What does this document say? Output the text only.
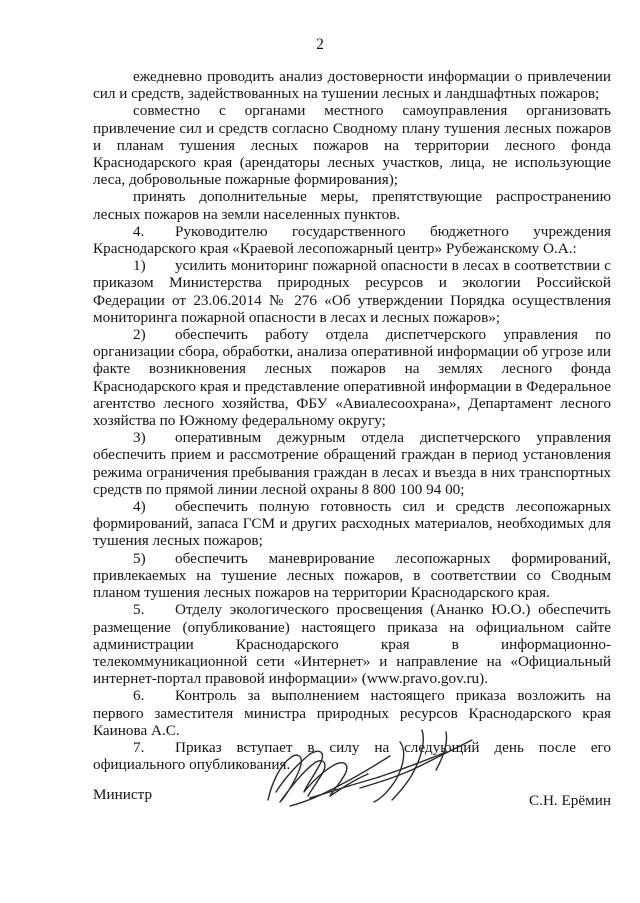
2

ежедневно проводить анализ достоверности информации о привлечении сил и средств, задействованных на тушении лесных и ландшафтных пожаров;

совместно с органами местного самоуправления организовать привлечение сил и средств согласно Сводному плану тушения лесных пожаров и планам тушения лесных пожаров на территории лесного фонда Краснодарского края (арендаторы лесных участков, лица, не использующие леса, добровольные пожарные формирования);

принять дополнительные меры, препятствующие распространению лесных пожаров на земли населенных пунктов.

4. Руководителю государственного бюджетного учреждения Краснодарского края «Краевой лесопожарный центр» Рубежанскому О.А.:

1) усилить мониторинг пожарной опасности в лесах в соответствии с приказом Министерства природных ресурсов и экологии Российской Федерации от 23.06.2014 № 276 «Об утверждении Порядка осуществления мониторинга пожарной опасности в лесах и лесных пожаров»;

2) обеспечить работу отдела диспетчерского управления по организации сбора, обработки, анализа оперативной информации об угрозе или факте возникновения лесных пожаров на землях лесного фонда Краснодарского края и представление оперативной информации в Федеральное агентство лесного хозяйства, ФБУ «Авиалесоохрана», Департамент лесного хозяйства по Южному федеральному округу;

3) оперативным дежурным отдела диспетчерского управления обеспечить прием и рассмотрение обращений граждан в период установления режима ограничения пребывания граждан в лесах и въезда в них транспортных средств по прямой линии лесной охраны 8 800 100 94 00;

4) обеспечить полную готовность сил и средств лесопожарных формирований, запаса ГСМ и других расходных материалов, необходимых для тушения лесных пожаров;

5) обеспечить маневрирование лесопожарных формирований, привлекаемых на тушение лесных пожаров, в соответствии со Сводным планом тушения лесных пожаров на территории Краснодарского края.

5. Отделу экологического просвещения (Ананко Ю.О.) обеспечить размещение (опубликование) настоящего приказа на официальном сайте администрации Краснодарского края в информационно-телекоммуникационной сети «Интернет» и направление на «Официальный интернет-портал правовой информации» (www.pravo.gov.ru).

6. Контроль за выполнением настоящего приказа возложить на первого заместителя министра природных ресурсов Краснодарского края Каинова А.С.

7. Приказ вступает в силу на следующий день после его официального опубликования.

Министр	С.Н. Ерёмин
